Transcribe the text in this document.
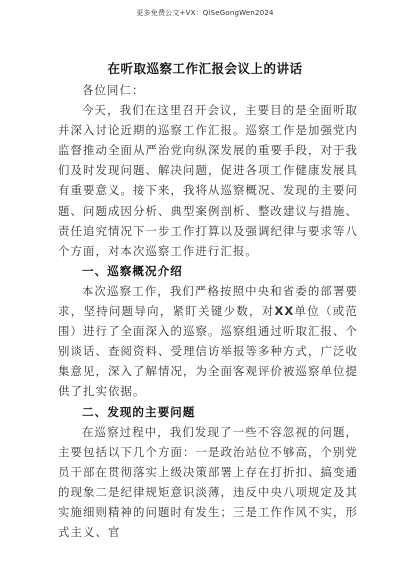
更多免费公文+VX：QiSeGongWen2024
在听取巡察工作汇报会议上的讲话

各位同仁：

今天，我们在这里召开会议，主要目的是全面听取并深入讨论近期的巡察工作汇报。巡察工作是加强党内监督推动全面从严治党向纵深发展的重要手段，对于我们及时发现问题、解决问题，促进各项工作健康发展具有重要意义。接下来，我将从巡察概况、发现的主要问题、问题成因分析、典型案例剖析、整改建议与措施、责任追究情况下一步工作打算以及强调纪律与要求等八个方面，对本次巡察工作进行汇报。

一、巡察概况介绍

本次巡察工作，我们严格按照中央和省委的部署要求，坚持问题导向，紧盯关键少数，对XX单位（或范围）进行了全面深入的巡察。巡察组通过听取汇报、个别谈话、查阅资料、受理信访举报等多种方式，广泛收集意见，深入了解情况，为全面客观评价被巡察单位提供了扎实依据。

二、发现的主要问题

在巡察过程中，我们发现了一些不容忽视的问题，主要包括以下几个方面：一是政治站位不够高，个别党员干部在贯彻落实上级决策部署上存在打折扣、搞变通的现象二是纪律规矩意识淡薄，违反中央八项规定及其实施细则精神的问题时有发生；三是工作作风不实，形式主义、官
